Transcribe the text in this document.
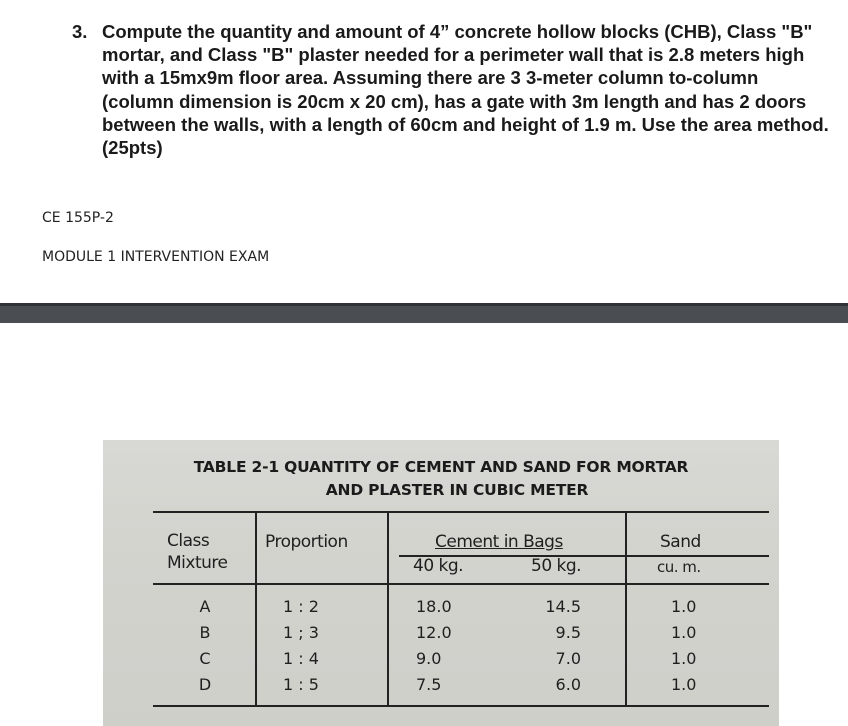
3. Compute the quantity and amount of 4” concrete hollow blocks (CHB), Class "B" mortar, and Class "B" plaster needed for a perimeter wall that is 2.8 meters high with a 15mx9m floor area. Assuming there are 3 3-meter column to-column (column dimension is 20cm x 20 cm), has a gate with 3m length and has 2 doors between the walls, with a length of 60cm and height of 1.9 m. Use the area method. (25pts)
CE 155P-2
MODULE 1 INTERVENTION EXAM
TABLE 2-1 QUANTITY OF CEMENT AND SAND FOR MORTAR
AND PLASTER IN CUBIC METER
Class
Mixture
Proportion	Cement in Bags
40 kg.	50 kg.
Sand
cu. m.
A
B
C
D
1 : 2
1 ; 3
1 : 4
1 : 5
18.0
12.0
9.0
7.5
14.5
9.5
7.0
6.0
1.0
1.0
1.0
1.0
